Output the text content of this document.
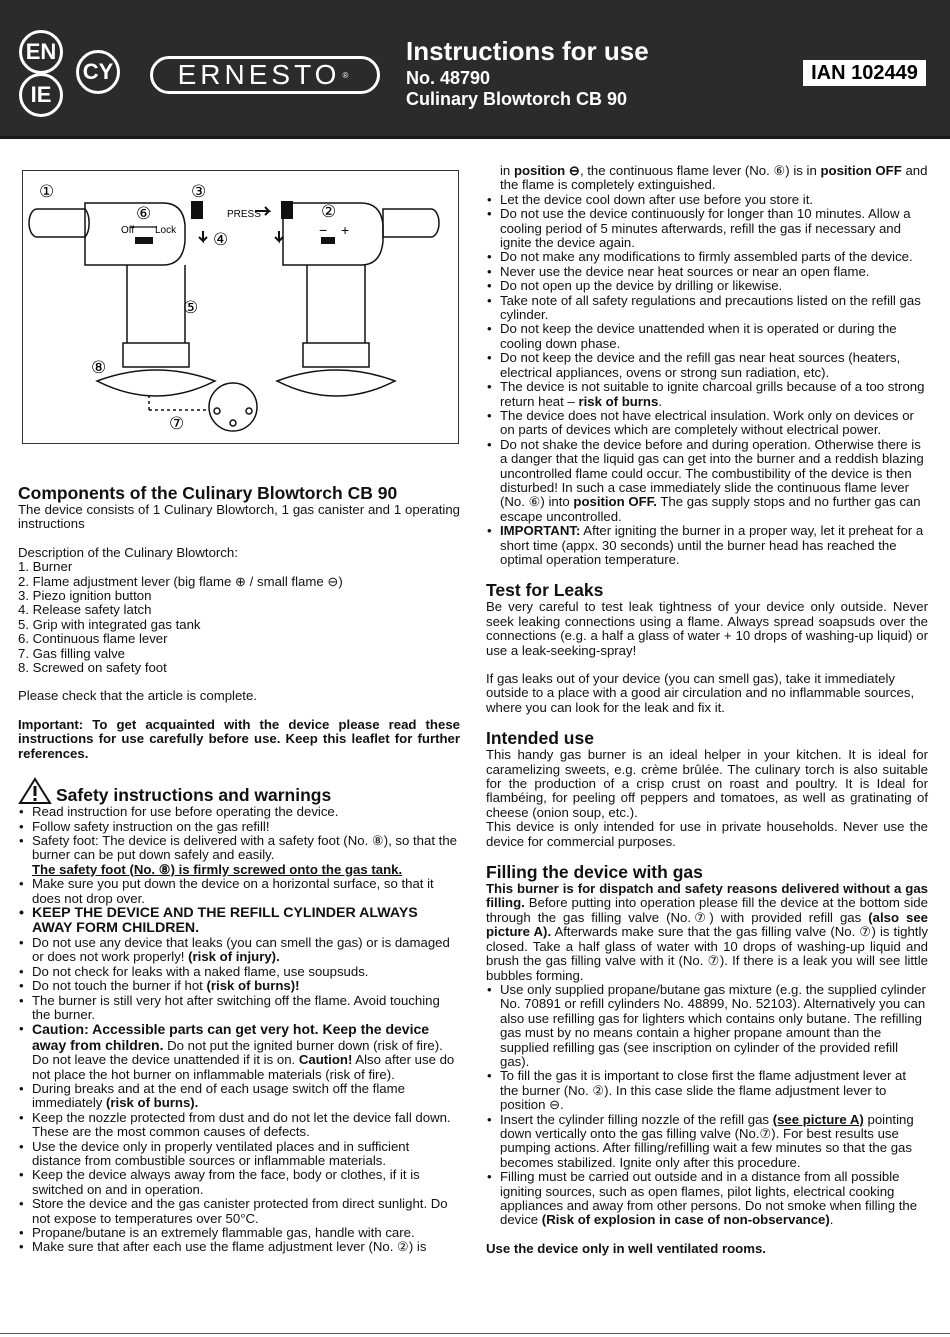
EN
CY
IE
ERNESTO ®
Instructions for use
No. 48790
Culinary Blowtorch CB 90
IAN 102449
PRESS
Off Lock	− +
①
②
③
④
⑤
⑥
⑦
⑧
Components of the Culinary Blowtorch CB 90

The device consists of 1 Culinary Blowtorch, 1 gas canister and 1 operating instructions

Description of the Culinary Blowtorch:

1. Burner

2. Flame adjustment lever (big flame ⊕ / small flame ⊖)

3. Piezo ignition button

4. Release safety latch

5. Grip with integrated gas tank

6. Continuous flame lever

7. Gas filling valve

8. Screwed on safety foot

Please check that the article is complete.

Important: To get acquainted with the device please read these instructions for use carefully before use. Keep this leaflet for further references.

Safety instructions and warnings
• Read instruction for use before operating the device.
• Follow safety instruction on the gas refill!
• Safety foot: The device is delivered with a safety foot (No. ⑧), so that the burner can be put down safely and easily.
The safety foot (No. ⑧) is firmly screwed onto the gas tank.
• Make sure you put down the device on a horizontal surface, so that it does not drop over.
• KEEP THE DEVICE AND THE REFILL CYLINDER ALWAYS AWAY FORM CHILDREN.
• Do not use any device that leaks (you can smell the gas) or is damaged or does not work properly! (risk of injury).
• Do not check for leaks with a naked flame, use soupsuds.
• Do not touch the burner if hot (risk of burns)!
• The burner is still very hot after switching off the flame. Avoid touching the burner.
• Caution: Accessible parts can get very hot. Keep the device away from children. Do not put the ignited burner down (risk of fire). Do not leave the device unattended if it is on. Caution! Also after use do not place the hot burner on inflammable materials (risk of fire).
• During breaks and at the end of each usage switch off the flame immediately (risk of burns).
• Keep the nozzle protected from dust and do not let the device fall down. These are the most common causes of defects.
• Use the device only in properly ventilated places and in sufficient distance from combustible sources or inflammable materials.
• Keep the device always away from the face, body or clothes, if it is switched on and in operation.
• Store the device and the gas canister protected from direct sunlight. Do not expose to temperatures over 50°C.
• Propane/butane is an extremely flammable gas, handle with care.
• Make sure that after each use the flame adjustment lever (No. ②) is

in position ⊖, the continuous flame lever (No. ⑥) is in position OFF and the flame is completely extinguished.

• Let the device cool down after use before you store it.
• Do not use the device continuously for longer than 10 minutes. Allow a cooling period of 5 minutes afterwards, refill the gas if necessary and ignite the device again.
• Do not make any modifications to firmly assembled parts of the device.
• Never use the device near heat sources or near an open flame.
• Do not open up the device by drilling or likewise.
• Take note of all safety regulations and precautions listed on the refill gas cylinder.
• Do not keep the device unattended when it is operated or during the cooling down phase.
• Do not keep the device and the refill gas near heat sources (heaters, electrical appliances, ovens or strong sun radiation, etc).
• The device is not suitable to ignite charcoal grills because of a too strong return heat – risk of burns.
• The device does not have electrical insulation. Work only on devices or on parts of devices which are completely without electrical power.
• Do not shake the device before and during operation. Otherwise there is a danger that the liquid gas can get into the burner and a reddish blazing uncontrolled flame could occur. The combustibility of the device is then disturbed! In such a case immediately slide the continuous flame lever (No. ⑥) into position OFF. The gas supply stops and no further gas can escape uncontrolled.
• IMPORTANT: After igniting the burner in a proper way, let it preheat for a short time (appx. 30 seconds) until the burner head has reached the optimal operation temperature.
Test for Leaks

Be very careful to test leak tightness of your device only outside. Never seek leaking connections using a flame. Always spread soapsuds over the connections (e.g. a half a glass of water + 10 drops of washing-up liquid) or use a leak-seeking-spray!

If gas leaks out of your device (you can smell gas), take it immediately outside to a place with a good air circulation and no inflammable sources, where you can look for the leak and fix it.

Intended use

This handy gas burner is an ideal helper in your kitchen. It is ideal for caramelizing sweets, e.g. crème brûlée. The culinary torch is also suitable for the production of a crisp crust on roast and poultry. It is Ideal for flambéing, for peeling off peppers and tomatoes, as well as gratinating of cheese (onion soup, etc.).

This device is only intended for use in private households. Never use the device for commercial purposes.

Filling the device with gas

This burner is for dispatch and safety reasons delivered without a gas filling. Before putting into operation please fill the device at the bottom side through the gas filling valve (No.⑦) with provided refill gas (also see picture A). Afterwards make sure that the gas filling valve (No. ⑦) is tightly closed. Take a half glass of water with 10 drops of washing-up liquid and brush the gas filling valve with it (No. ⑦). If there is a leak you will see little bubbles forming.

• Use only supplied propane/butane gas mixture (e.g. the supplied cylinder No. 70891 or refill cylinders No. 48899, No. 52103). Alternatively you can also use refilling gas for lighters which contains only butane. The refilling gas must by no means contain a higher propane amount than the supplied refilling gas (see inscription on cylinder of the provided refill gas).
• To fill the gas it is important to close first the flame adjustment lever at the burner (No. ②). In this case slide the flame adjustment lever to position ⊖.
• Insert the cylinder filling nozzle of the refill gas (see picture A) pointing down vertically onto the gas filling valve (No.⑦). For best results use pumping actions. After filling/refilling wait a few minutes so that the gas becomes stabilized. Ignite only after this procedure.
• Filling must be carried out outside and in a distance from all possible igniting sources, such as open flames, pilot lights, electrical cooking appliances and away from other persons. Do not smoke when filling the device (Risk of explosion in case of non-observance).

Use the device only in well ventilated rooms.
